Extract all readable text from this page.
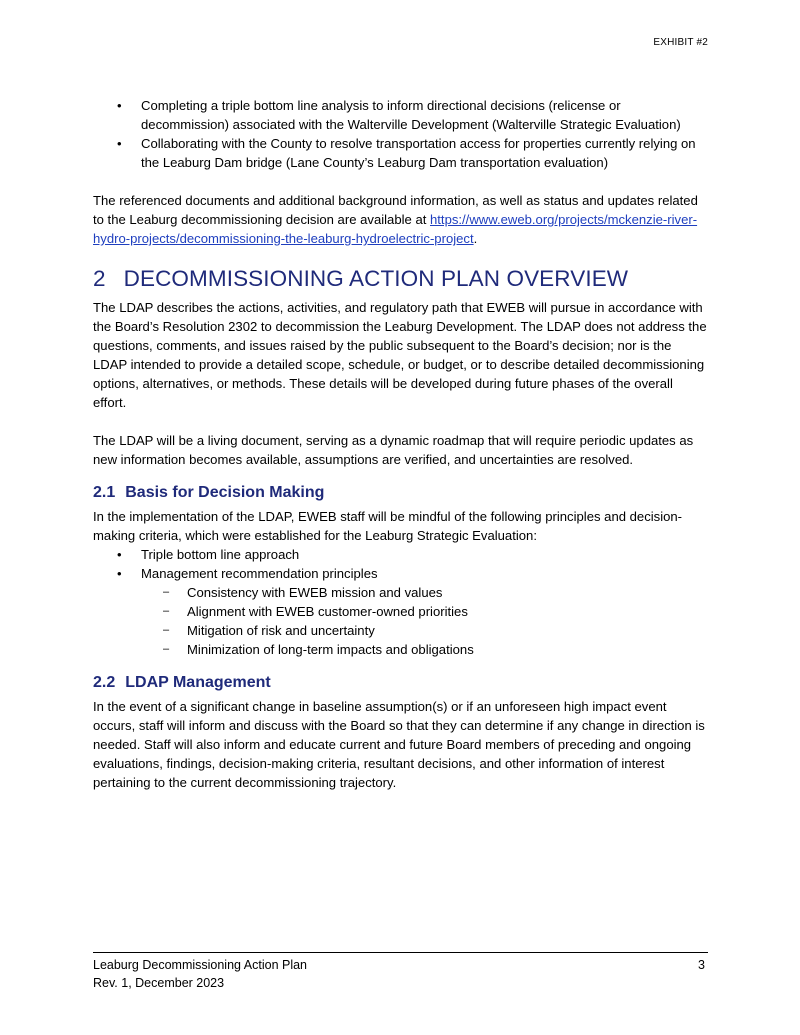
EXHIBIT #2
• Completing a triple bottom line analysis to inform directional decisions (relicense or decommission) associated with the Walterville Development (Walterville Strategic Evaluation)
• Collaborating with the County to resolve transportation access for properties currently relying on the Leaburg Dam bridge (Lane County’s Leaburg Dam transportation evaluation)

The referenced documents and additional background information, as well as status and updates related to the Leaburg decommissioning decision are available at https://www.eweb.org/projects/mckenzie-river-hydro-projects/decommissioning-the-leaburg-hydroelectric-project.

2 DECOMMISSIONING ACTION PLAN OVERVIEW

The LDAP describes the actions, activities, and regulatory path that EWEB will pursue in accordance with the Board’s Resolution 2302 to decommission the Leaburg Development. The LDAP does not address the questions, comments, and issues raised by the public subsequent to the Board’s decision; nor is the LDAP intended to provide a detailed scope, schedule, or budget, or to describe detailed decommissioning options, alternatives, or methods. These details will be developed during future phases of the overall effort.

The LDAP will be a living document, serving as a dynamic roadmap that will require periodic updates as new information becomes available, assumptions are verified, and uncertainties are resolved.

2.1 Basis for Decision Making

In the implementation of the LDAP, EWEB staff will be mindful of the following principles and decision-making criteria, which were established for the Leaburg Strategic Evaluation:

• Triple bottom line approach
• Management recommendation principles
– Consistency with EWEB mission and values
– Alignment with EWEB customer-owned priorities
– Mitigation of risk and uncertainty
– Minimization of long-term impacts and obligations
2.2 LDAP Management

In the event of a significant change in baseline assumption(s) or if an unforeseen high impact event occurs, staff will inform and discuss with the Board so that they can determine if any change in direction is needed. Staff will also inform and educate current and future Board members of preceding and ongoing evaluations, findings, decision-making criteria, resultant decisions, and other information of interest pertaining to the current decommissioning trajectory.

Leaburg Decommissioning Action Plan
Rev. 1, December 2023
3
